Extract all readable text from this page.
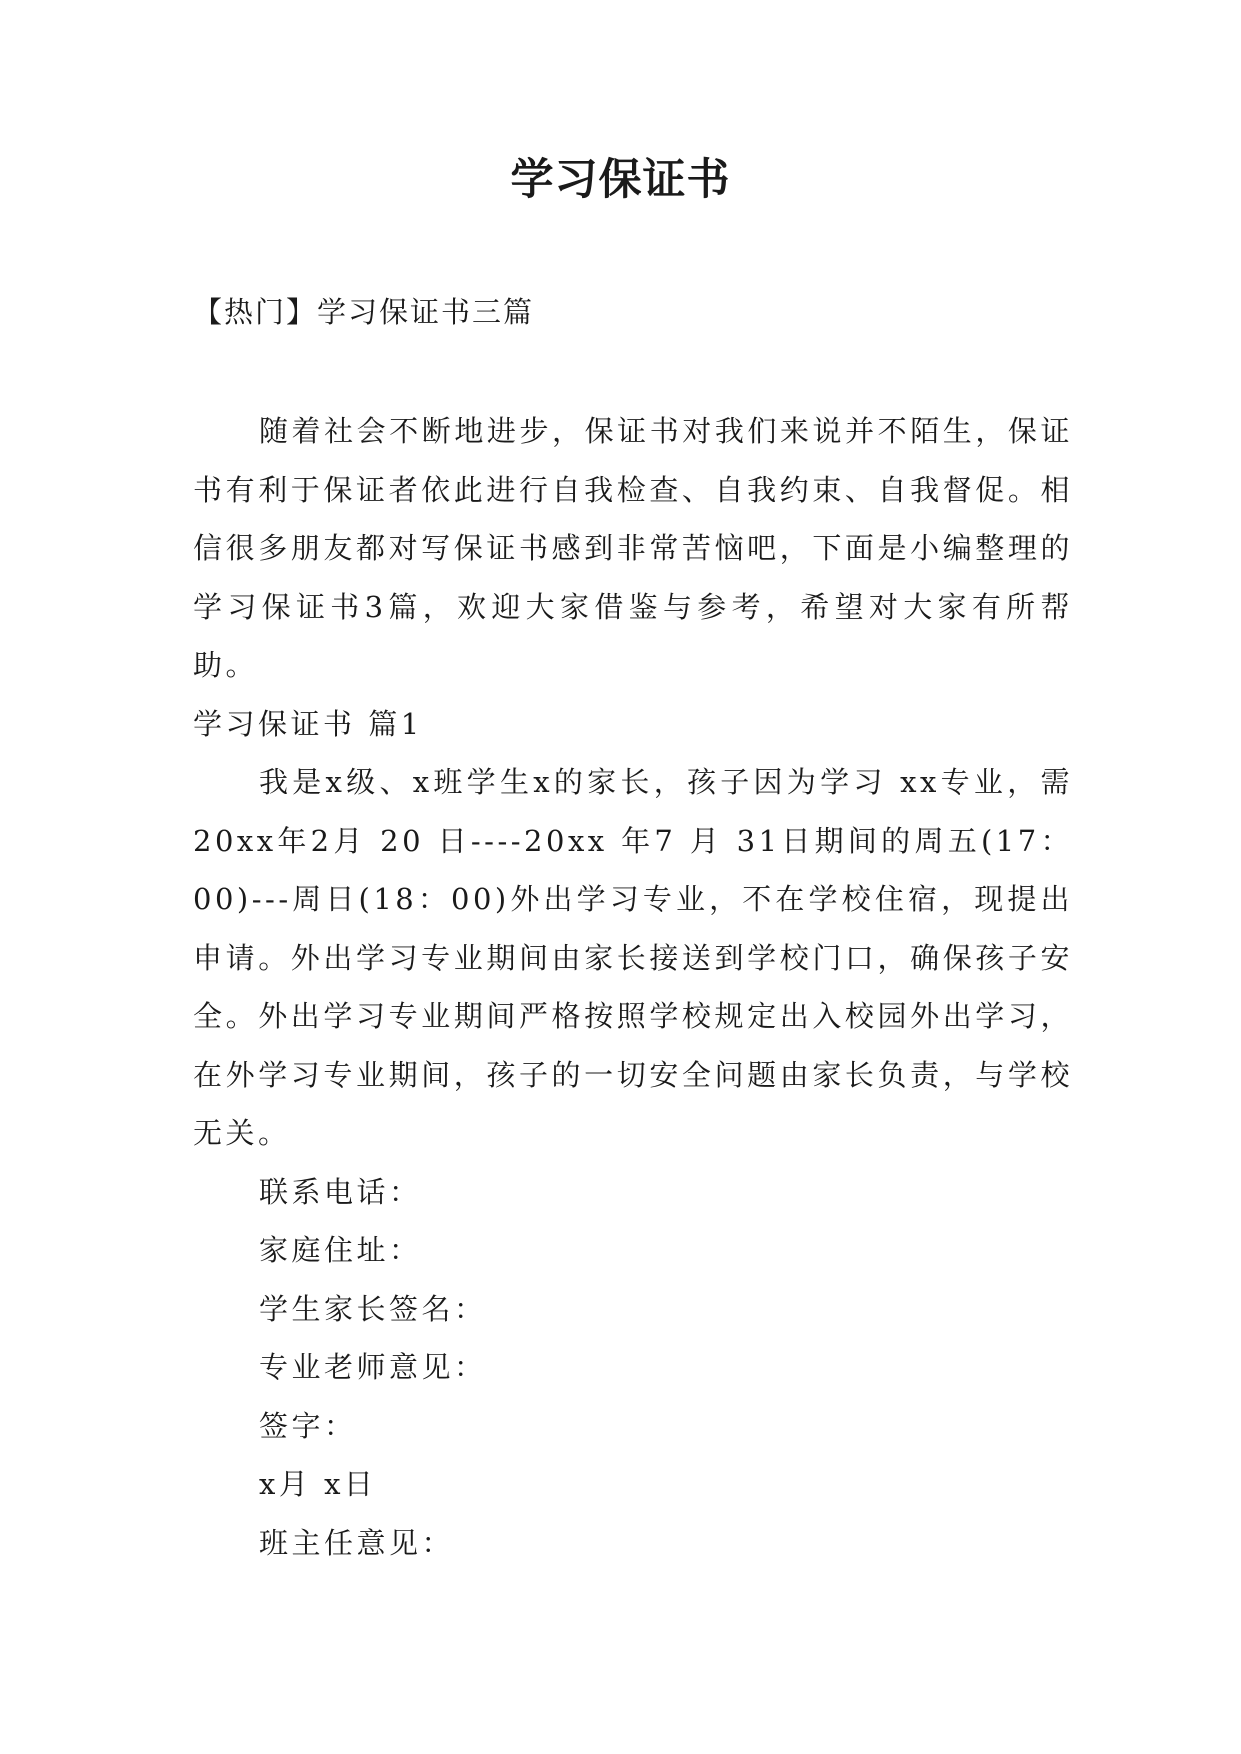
学习保证书
【热门】学习保证书三篇

随着社会不断地进步，保证书对我们来说并不陌生，保证书有利于保证者依此进行自我检查、自我约束、自我督促。相信很多朋友都对写保证书感到非常苦恼吧，下面是小编整理的学习保证书3篇，欢迎大家借鉴与参考，希望对大家有所帮助。

学习保证书 篇1

我是x级、x班学生x的家长，孩子因为学习 xx专业，需20xx年2月 20 日----20xx 年7 月 31日期间的周五(17：00)---周日(18：00)外出学习专业，不在学校住宿，现提出申请。外出学习专业期间由家长接送到学校门口，确保孩子安全。外出学习专业期间严格按照学校规定出入校园外出学习，在外学习专业期间，孩子的一切安全问题由家长负责，与学校无关。

联系电话：

家庭住址：

学生家长签名：

专业老师意见：

签字：

x月 x日

班主任意见：
